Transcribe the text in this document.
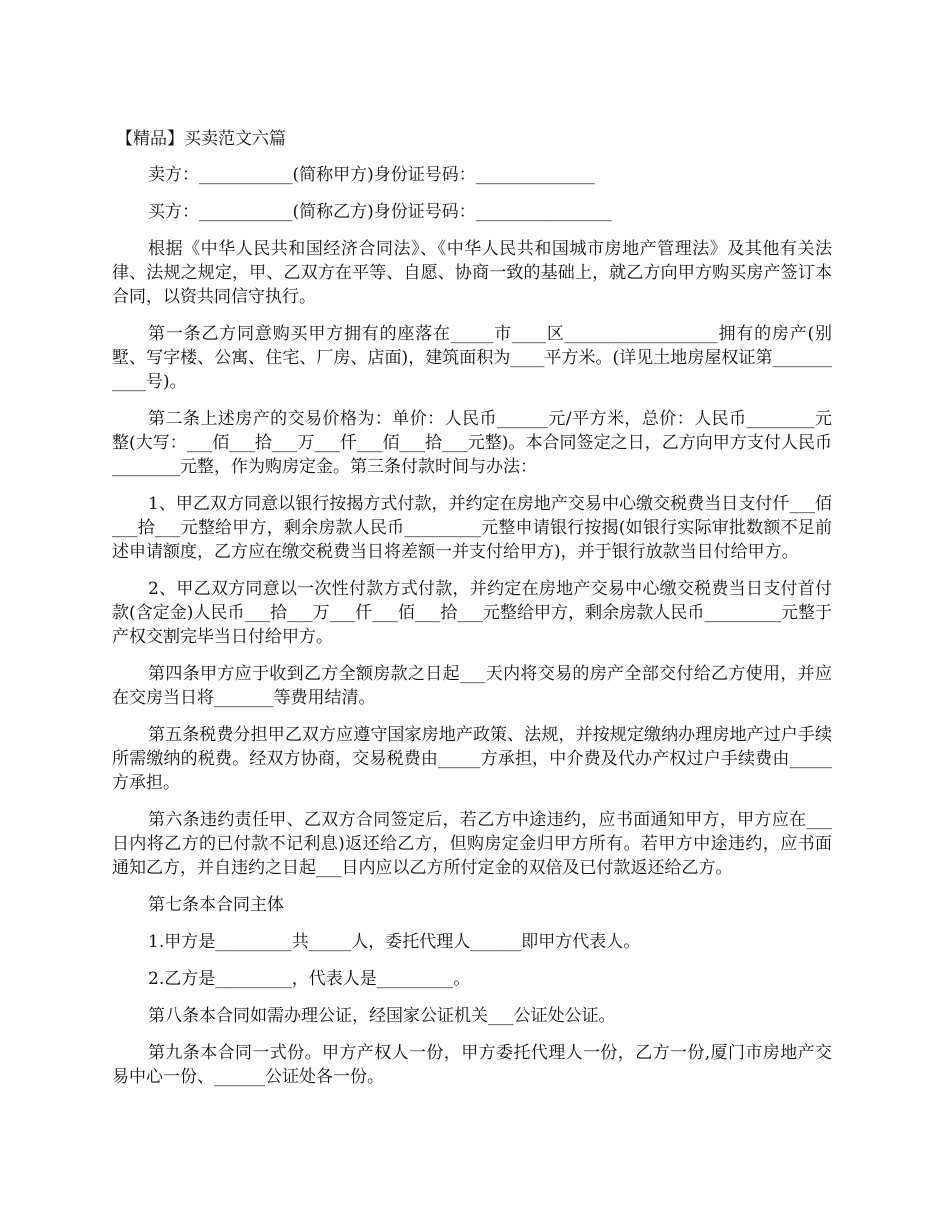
【精品】买卖范文六篇

卖方：___________(简称甲方)身份证号码：______________

买方：___________(简称乙方)身份证号码：________________

根据《中华人民共和国经济合同法》、《中华人民共和国城市房地产管理法》及其他有关法律、法规之规定，甲、乙双方在平等、自愿、协商一致的基础上，就乙方向甲方购买房产签订本合同，以资共同信守执行。

第一条乙方同意购买甲方拥有的座落在_____市____区__________________拥有的房产(别墅、写字楼、公寓、住宅、厂房、店面)，建筑面积为____平方米。(详见土地房屋权证第___________号)。

第二条上述房产的交易价格为：单价：人民币______元/平方米，总价：人民币________元整(大写：___佰___拾___万___仟___佰___拾___元整)。本合同签定之日，乙方向甲方支付人民币________元整，作为购房定金。第三条付款时间与办法：

1、甲乙双方同意以银行按揭方式付款，并约定在房地产交易中心缴交税费当日支付仟___佰___拾___元整给甲方，剩余房款人民币_________元整申请银行按揭(如银行实际审批数额不足前述申请额度，乙方应在缴交税费当日将差额一并支付给甲方)，并于银行放款当日付给甲方。

2、甲乙双方同意以一次性付款方式付款，并约定在房地产交易中心缴交税费当日支付首付款(含定金)人民币___拾___万___仟___佰___拾___元整给甲方，剩余房款人民币_________元整于产权交割完毕当日付给甲方。

第四条甲方应于收到乙方全额房款之日起___天内将交易的房产全部交付给乙方使用，并应在交房当日将_______等费用结清。

第五条税费分担甲乙双方应遵守国家房地产政策、法规，并按规定缴纳办理房地产过户手续所需缴纳的税费。经双方协商，交易税费由_____方承担，中介费及代办产权过户手续费由_____方承担。

第六条违约责任甲、乙双方合同签定后，若乙方中途违约，应书面通知甲方，甲方应在___日内将乙方的已付款不记利息)返还给乙方，但购房定金归甲方所有。若甲方中途违约，应书面通知乙方，并自违约之日起___日内应以乙方所付定金的双倍及已付款返还给乙方。

第七条本合同主体

1.甲方是_________共_____人，委托代理人______即甲方代表人。

2.乙方是_________，代表人是_________。

第八条本合同如需办理公证，经国家公证机关___公证处公证。

第九条本合同一式份。甲方产权人一份，甲方委托代理人一份，乙方一份,厦门市房地产交易中心一份、______公证处各一份。
